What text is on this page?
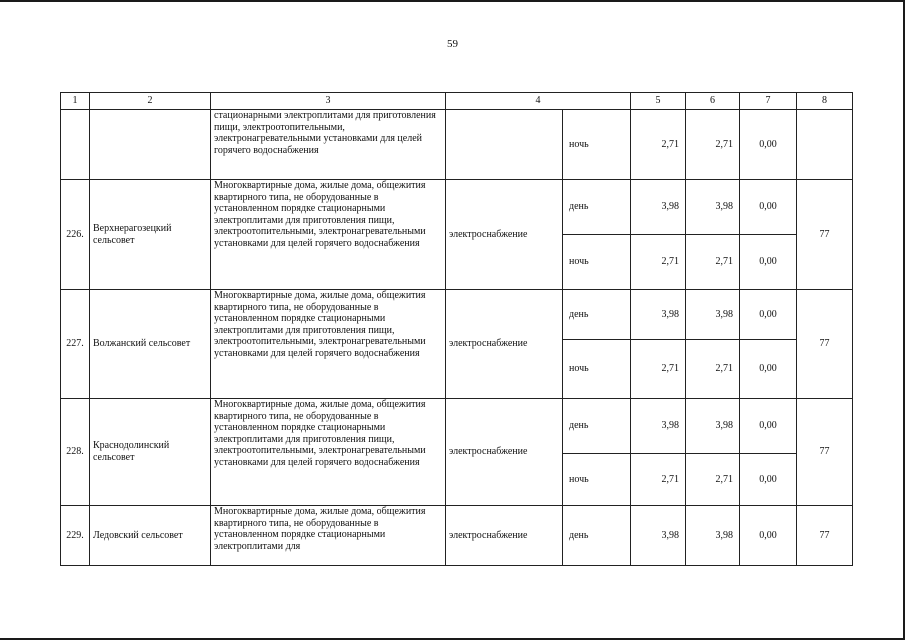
59
1	2	3	4		5	6	7	8
		стационарными электроплитами для приготовления пищи, электроотопительными, электронагревательными установками для целей горячего водоснабжения		ночь	2,71	2,71	0,00	
226.	Верхнерагозецкий сельсовет	Многоквартирные дома, жилые дома, общежития квартирного типа, не оборудованные в установленном порядке стационарными электроплитами для приготовления пищи, электроотопительными, электронагревательными установками для целей горячего водоснабжения	электроснабжение	день	3,98	3,98	0,00	77
				ночь	2,71	2,71	0,00	
227.	Волжанский сельсовет	Многоквартирные дома, жилые дома, общежития квартирного типа, не оборудованные в установленном порядке стационарными электроплитами для приготовления пищи, электроотопительными, электронагревательными установками для целей горячего водоснабжения	электроснабжение	день	3,98	3,98	0,00	77
				ночь	2,71	2,71	0,00	
228.	Краснодолинский сельсовет	Многоквартирные дома, жилые дома, общежития квартирного типа, не оборудованные в установленном порядке стационарными электроплитами для приготовления пищи, электроотопительными, электронагревательными установками для целей горячего водоснабжения	электроснабжение	день	3,98	3,98	0,00	77
				ночь	2,71	2,71	0,00	
229.	Ледовский сельсовет	Многоквартирные дома, жилые дома, общежития квартирного типа, не оборудованные в установленном порядке стационарными электроплитами для	электроснабжение	день	3,98	3,98	0,00	77
